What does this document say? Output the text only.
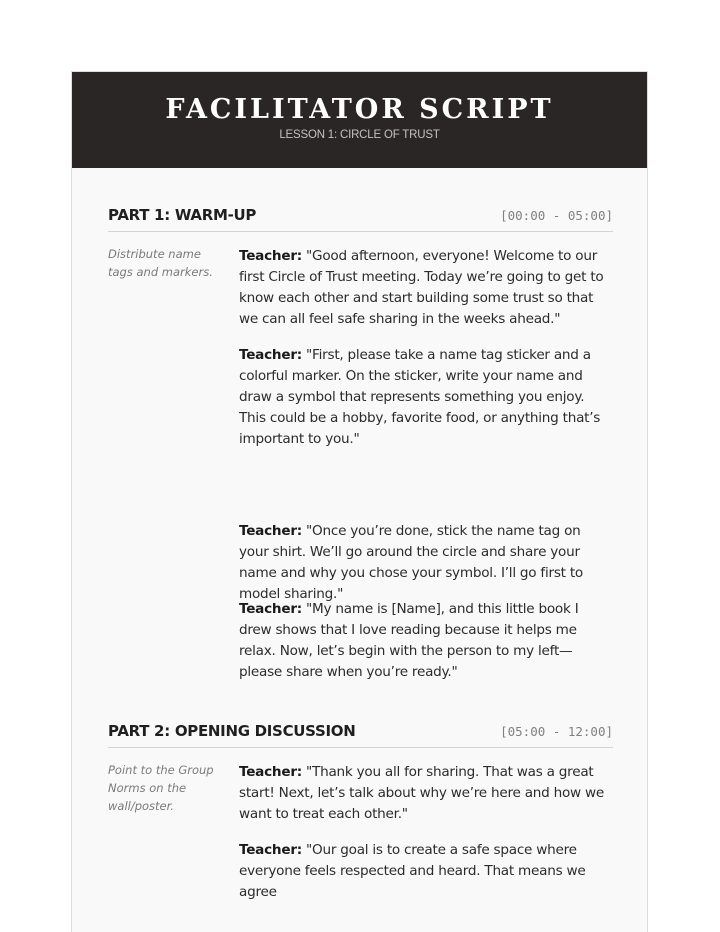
FACILITATOR SCRIPT
LESSON 1: CIRCLE OF TRUST
PART 1: WARM-UP	[00:00 - 05:00]
Distribute name tags and markers.
Teacher: "Good afternoon, everyone! Welcome to our first Circle of Trust meeting. Today we’re going to get to know each other and start building some trust so that we can all feel safe sharing in the weeks ahead."
Teacher: "First, please take a name tag sticker and a colorful marker. On the sticker, write your name and draw a symbol that represents something you enjoy. This could be a hobby, favorite food, or anything that’s important to you."
Teacher: "Once you’re done, stick the name tag on your shirt. We’ll go around the circle and share your name and why you chose your symbol. I’ll go first to model sharing."
Teacher: "My name is [Name], and this little book I drew shows that I love reading because it helps me relax. Now, let’s begin with the person to my left—please share when you’re ready."
PART 2: OPENING DISCUSSION	[05:00 - 12:00]
Point to the Group Norms on the wall/poster.
Teacher: "Thank you all for sharing. That was a great start! Next, let’s talk about why we’re here and how we want to treat each other."
Teacher: "Our goal is to create a safe space where everyone feels respected and heard. That means we agree
